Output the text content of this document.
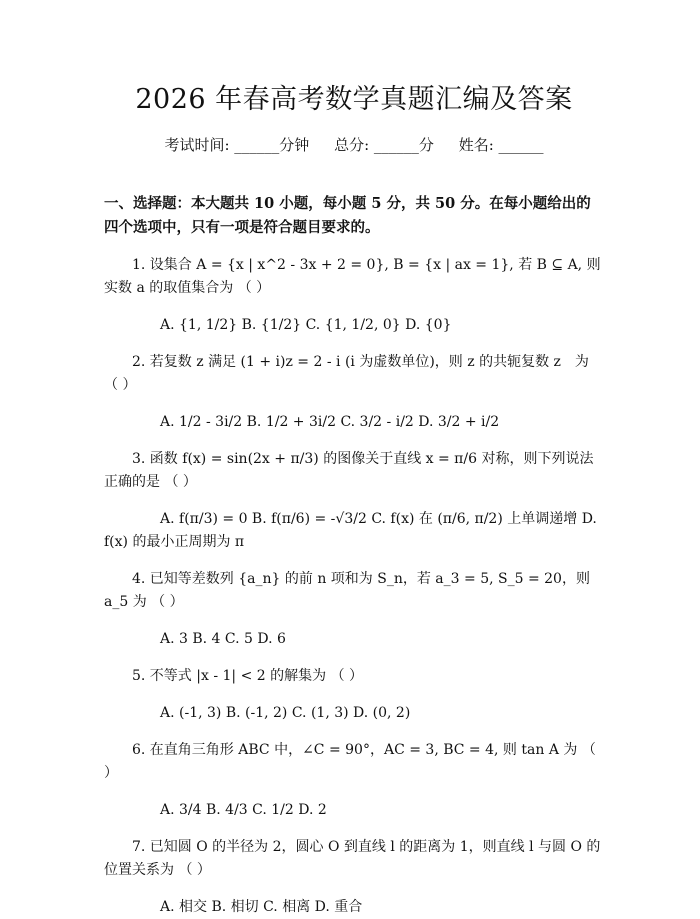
2026 年春高考数学真题汇编及答案
考试时间: ______分钟 总分: ______分 姓名: ______
一、选择题：本大题共 10 小题，每小题 5 分，共 50 分。在每小题给出的四个选项中，只有一项是符合题目要求的。
1. 设集合 A = {x | x^2 - 3x + 2 = 0}, B = {x | ax = 1}, 若 B ⊆ A, 则实数 a 的取值集合为 （ ）
A. {1, 1/2} B. {1/2} C. {1, 1/2, 0} D. {0}
2. 若复数 z 满足 (1 + i)z = 2 - i (i 为虚数单位)，则 z 的共轭复数 z　为 （ ）
A. 1/2 - 3i/2 B. 1/2 + 3i/2 C. 3/2 - i/2 D. 3/2 + i/2
3. 函数 f(x) = sin(2x + π/3) 的图像关于直线 x = π/6 对称，则下列说法正确的是 （ ）
A. f(π/3) = 0 B. f(π/6) = -√3/2 C. f(x) 在 (π/6, π/2) 上单调递增 D. f(x) 的最小正周期为 π
4. 已知等差数列 {a_n} 的前 n 项和为 S_n，若 a_3 = 5, S_5 = 20，则 a_5 为 （ ）
A. 3 B. 4 C. 5 D. 6
5. 不等式 |x - 1| < 2 的解集为 （ ）
A. (-1, 3) B. (-1, 2) C. (1, 3) D. (0, 2)
6. 在直角三角形 ABC 中，∠C = 90°，AC = 3, BC = 4, 则 tan A 为 （ ）
A. 3/4 B. 4/3 C. 1/2 D. 2
7. 已知圆 O 的半径为 2，圆心 O 到直线 l 的距离为 1，则直线 l 与圆 O 的位置关系为 （ ）
A. 相交 B. 相切 C. 相离 D. 重合
